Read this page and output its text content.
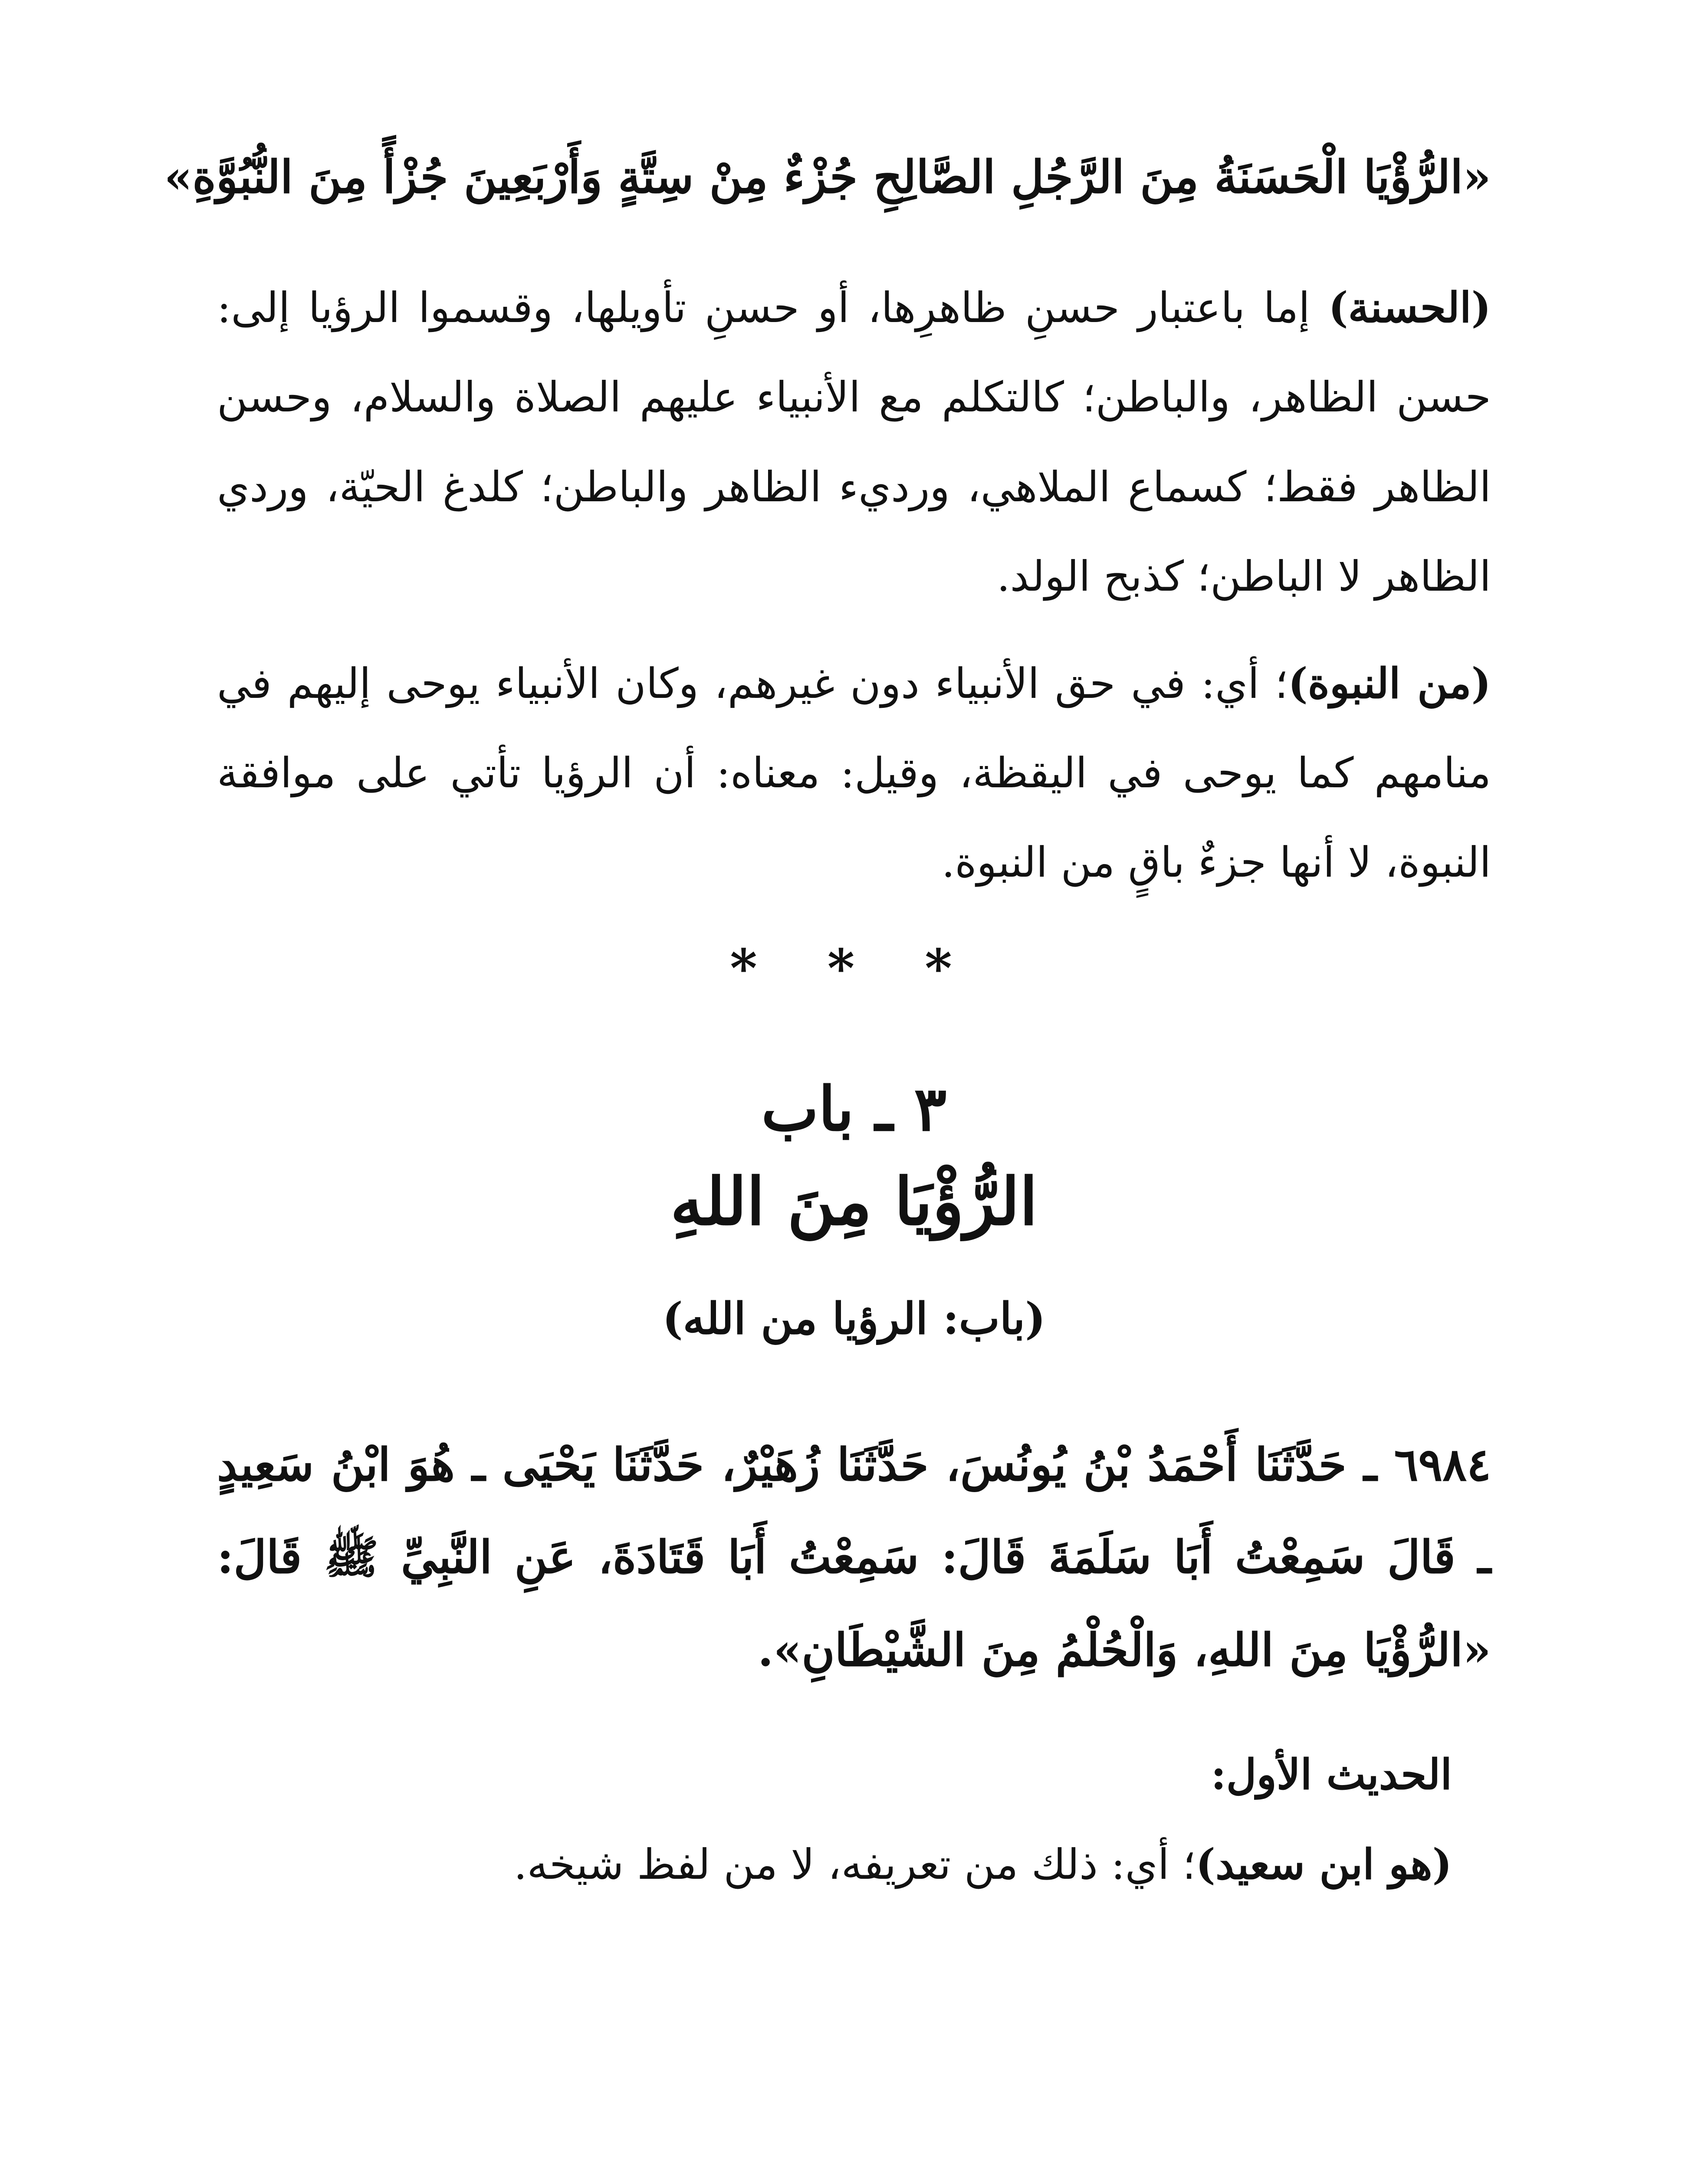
«الرُّؤْيَا الْحَسَنَةُ مِنَ الرَّجُلِ الصَّالِحِ جُزْءٌ مِنْ سِتَّةٍ وَأَرْبَعِينَ جُزْأً مِنَ النُّبُوَّةِ»

(الحسنة) إما باعتبار حسنِ ظاهرِها، أو حسنِ تأويلها، وقسموا الرؤيا إلى: حسن الظاهر، والباطن؛ كالتكلم مع الأنبياء عليهم الصلاة والسلام، وحسن الظاهر فقط؛ كسماع الملاهي، ورديء الظاهر والباطن؛ كلدغ الحيّة، وردي الظاهر لا الباطن؛ كذبح الولد.

(من النبوة)؛ أي: في حق الأنبياء دون غيرهم، وكان الأنبياء يوحى إليهم في منامهم كما يوحى في اليقظة، وقيل: معناه: أن الرؤيا تأتي على موافقة النبوة، لا أنها جزءٌ باقٍ من النبوة.

* * *

٣ ـ باب

الرُّؤْيَا مِنَ اللهِ

(باب: الرؤيا من الله)

٦٩٨٤ ـ حَدَّثَنَا أَحْمَدُ بْنُ يُونُسَ، حَدَّثَنَا زُهَيْرٌ، حَدَّثَنَا يَحْيَى ـ هُوَ ابْنُ سَعِيدٍ ـ قَالَ سَمِعْتُ أَبَا سَلَمَةَ قَالَ: سَمِعْتُ أَبَا قَتَادَةَ، عَنِ النَّبِيِّ ﷺ قَالَ: «الرُّؤْيَا مِنَ اللهِ، وَالْحُلْمُ مِنَ الشَّيْطَانِ».

الحديث الأول:

(هو ابن سعيد)؛ أي: ذلك من تعريفه، لا من لفظ شيخه.
